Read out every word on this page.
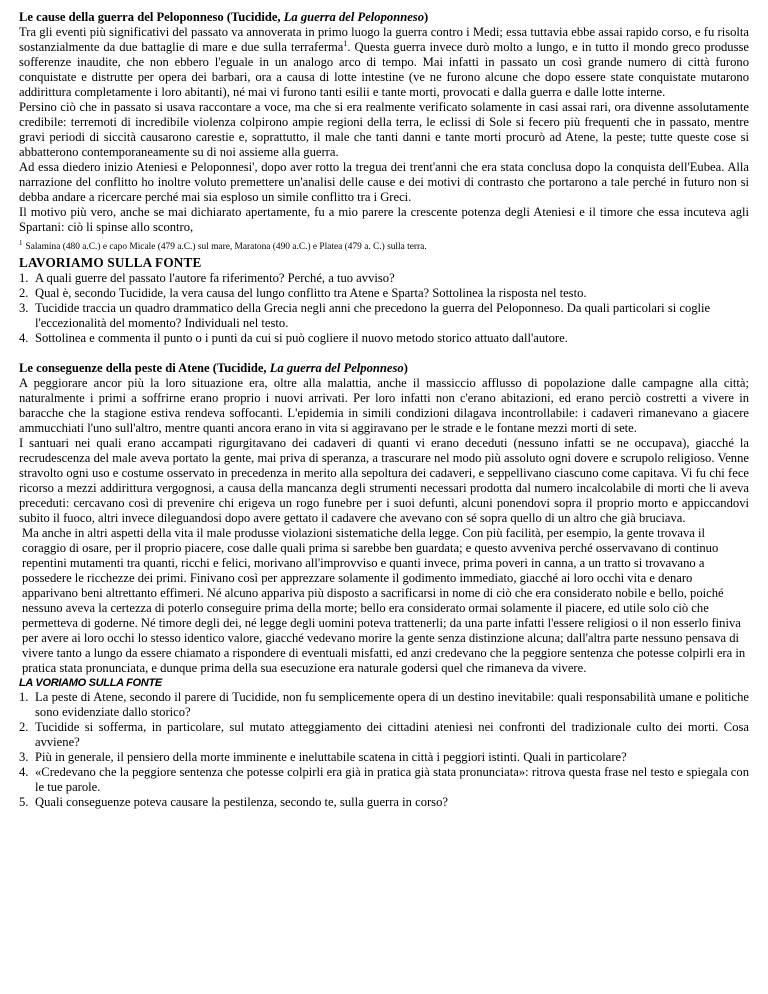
Le cause della guerra del Peloponneso (Tucidide, La guerra del Peloponneso)

Tra gli eventi più significativi del passato va annoverata in primo luogo la guerra contro i Medi; essa tuttavia ebbe assai rapido corso, e fu risolta sostanzialmente da due battaglie di mare e due sulla terraferma$^1$. Questa guerra invece durò molto a lungo, e in tutto il mondo greco produsse sofferenze inaudite, che non ebbero l'eguale in un analogo arco di tempo. Mai infatti in passato un così grande numero di città furono conquistate e distrutte per opera dei barbari, ora a causa di lotte intestine (ve ne furono alcune che dopo essere state conquistate mutarono addirittura completamente i loro abitanti), né mai vi furono tanti esilii e tante morti, provocati e dalla guerra e dalle lotte interne.

Persino ciò che in passato si usava raccontare a voce, ma che si era realmente verificato solamente in casi assai rari, ora divenne assolutamente credibile: terremoti di incredibile violenza colpirono ampie regioni della terra, le eclissi di Sole si fecero più frequenti che in passato, mentre gravi periodi di siccità causarono carestie e, soprattutto, il male che tanti danni e tante morti procurò ad Atene, la peste; tutte queste cose si abbatterono contemporaneamente su di noi assieme alla guerra.

Ad essa diedero inizio Ateniesi e Peloponnesi', dopo aver rotto la tregua dei trent'anni che era stata conclusa dopo la conquista dell'Eubea. Alla narrazione del conflitto ho inoltre voluto premettere un'analisi delle cause e dei motivi di contrasto che portarono a tale perché in futuro non si debba andare a ricercare perché mai sia esploso un simile conflitto tra i Greci.

Il motivo più vero, anche se mai dichiarato apertamente, fu a mio parere la crescente potenza degli Ateniesi e il timore che essa incuteva agli Spartani: ciò li spinse allo scontro,

$^1$ Salamina (480 a.C.) e capo Micale (479 a.C.) sul mare, Maratona (490 a.C.) e Platea (479 a. C.) sulla terra.

LAVORIAMO SULLA FONTE

1. A quali guerre del passato l'autore fa riferimento? Perché, a tuo avviso?
2. Qual è, secondo Tucidide, la vera causa del lungo conflitto tra Atene e Sparta? Sottolinea la risposta nel testo.
3. Tucidide traccia un quadro drammatico della Grecia negli anni che precedono la guerra del Peloponneso. Da quali particolari si coglie l'eccezionalità del momento? Individuali nel testo.
4. Sottolinea e commenta il punto o i punti da cui si può cogliere il nuovo metodo storico attuato dall'autore.

Le conseguenze della peste di Atene (Tucidide, La guerra del Pelponneso)

A peggiorare ancor più la loro situazione era, oltre alla malattia, anche il massiccio afflusso di popolazione dalle campagne alla città; naturalmente i primi a soffrirne erano proprio i nuovi arrivati. Per loro infatti non c'erano abitazioni, ed erano perciò costretti a vivere in baracche che la stagione estiva rendeva soffocanti. L'epidemia in simili condizioni dilagava incontrollabile: i cadaveri rimanevano a giacere ammucchiati l'uno sull'altro, mentre quanti ancora erano in vita si aggiravano per le strade e le fontane mezzi morti di sete.

I santuari nei quali erano accampati rigurgitavano dei cadaveri di quanti vi erano deceduti (nessuno infatti se ne occupava), giacché la recrudescenza del male aveva portato la gente, mai priva di speranza, a trascurare nel modo più assoluto ogni dovere e scrupolo religioso. Venne stravolto ogni uso e costume osservato in precedenza in merito alla sepoltura dei cadaveri, e seppellivano ciascuno come capitava. Vi fu chi fece ricorso a mezzi addirittura vergognosi, a causa della mancanza degli strumenti necessari prodotta dal numero incalcolabile di morti che li aveva preceduti: cercavano così di prevenire chi erigeva un rogo funebre per i suoi defunti, alcuni ponendovi sopra il proprio morto e appiccandovi subito il fuoco, altri invece dileguandosi dopo avere gettato il cadavere che avevano con sé sopra quello di un altro che già bruciava.

Ma anche in altri aspetti della vita il male produsse violazioni sistematiche della legge. Con più facilità, per esempio, la gente trovava il coraggio di osare, per il proprio piacere, cose dalle quali prima si sarebbe ben guardata; e questo avveniva perché osservavano di continuo repentini mutamenti tra quanti, ricchi e felici, morivano all'improvviso e quanti invece, prima poveri in canna, a un tratto si trovavano a possedere le ricchezze dei primi. Finivano così per apprezzare solamente il godimento immediato, giacché ai loro occhi vita e denaro apparivano beni altrettanto effimeri. Né alcuno appariva più disposto a sacrificarsi in nome di ciò che era considerato nobile e bello, poiché nessuno aveva la certezza di poterlo conseguire prima della morte; bello era considerato ormai solamente il piacere, ed utile solo ciò che permetteva di goderne. Né timore degli dei, né legge degli uomini poteva trattenerli; da una parte infatti l'essere religiosi o il non esserlo finiva per avere ai loro occhi lo stesso identico valore, giacché vedevano morire la gente senza distinzione alcuna; dall'altra parte nessuno pensava di vivere tanto a lungo da essere chiamato a rispondere di eventuali misfatti, ed anzi credevano che la peggiore sentenza che potesse colpirli era in pratica stata pronunciata, e dunque prima della sua esecuzione era naturale godersi quel che rimaneva da vivere.

LA VORIAMO SULLA FONTE

1. La peste di Atene, secondo il parere di Tucidide, non fu semplicemente opera di un destino inevitabile: quali responsabilità umane e politiche sono evidenziate dallo storico?
2. Tucidide si sofferma, in particolare, sul mutato atteggiamento dei cittadini ateniesi nei confronti del tradizionale culto dei morti. Cosa avviene?
3. Più in generale, il pensiero della morte imminente e ineluttabile scatena in città i peggiori istinti. Quali in particolare?
4. «Credevano che la peggiore sentenza che potesse colpirli era già in pratica già stata pronunciata»: ritrova questa frase nel testo e spiegala con le tue parole.
5. Quali conseguenze poteva causare la pestilenza, secondo te, sulla guerra in corso?
